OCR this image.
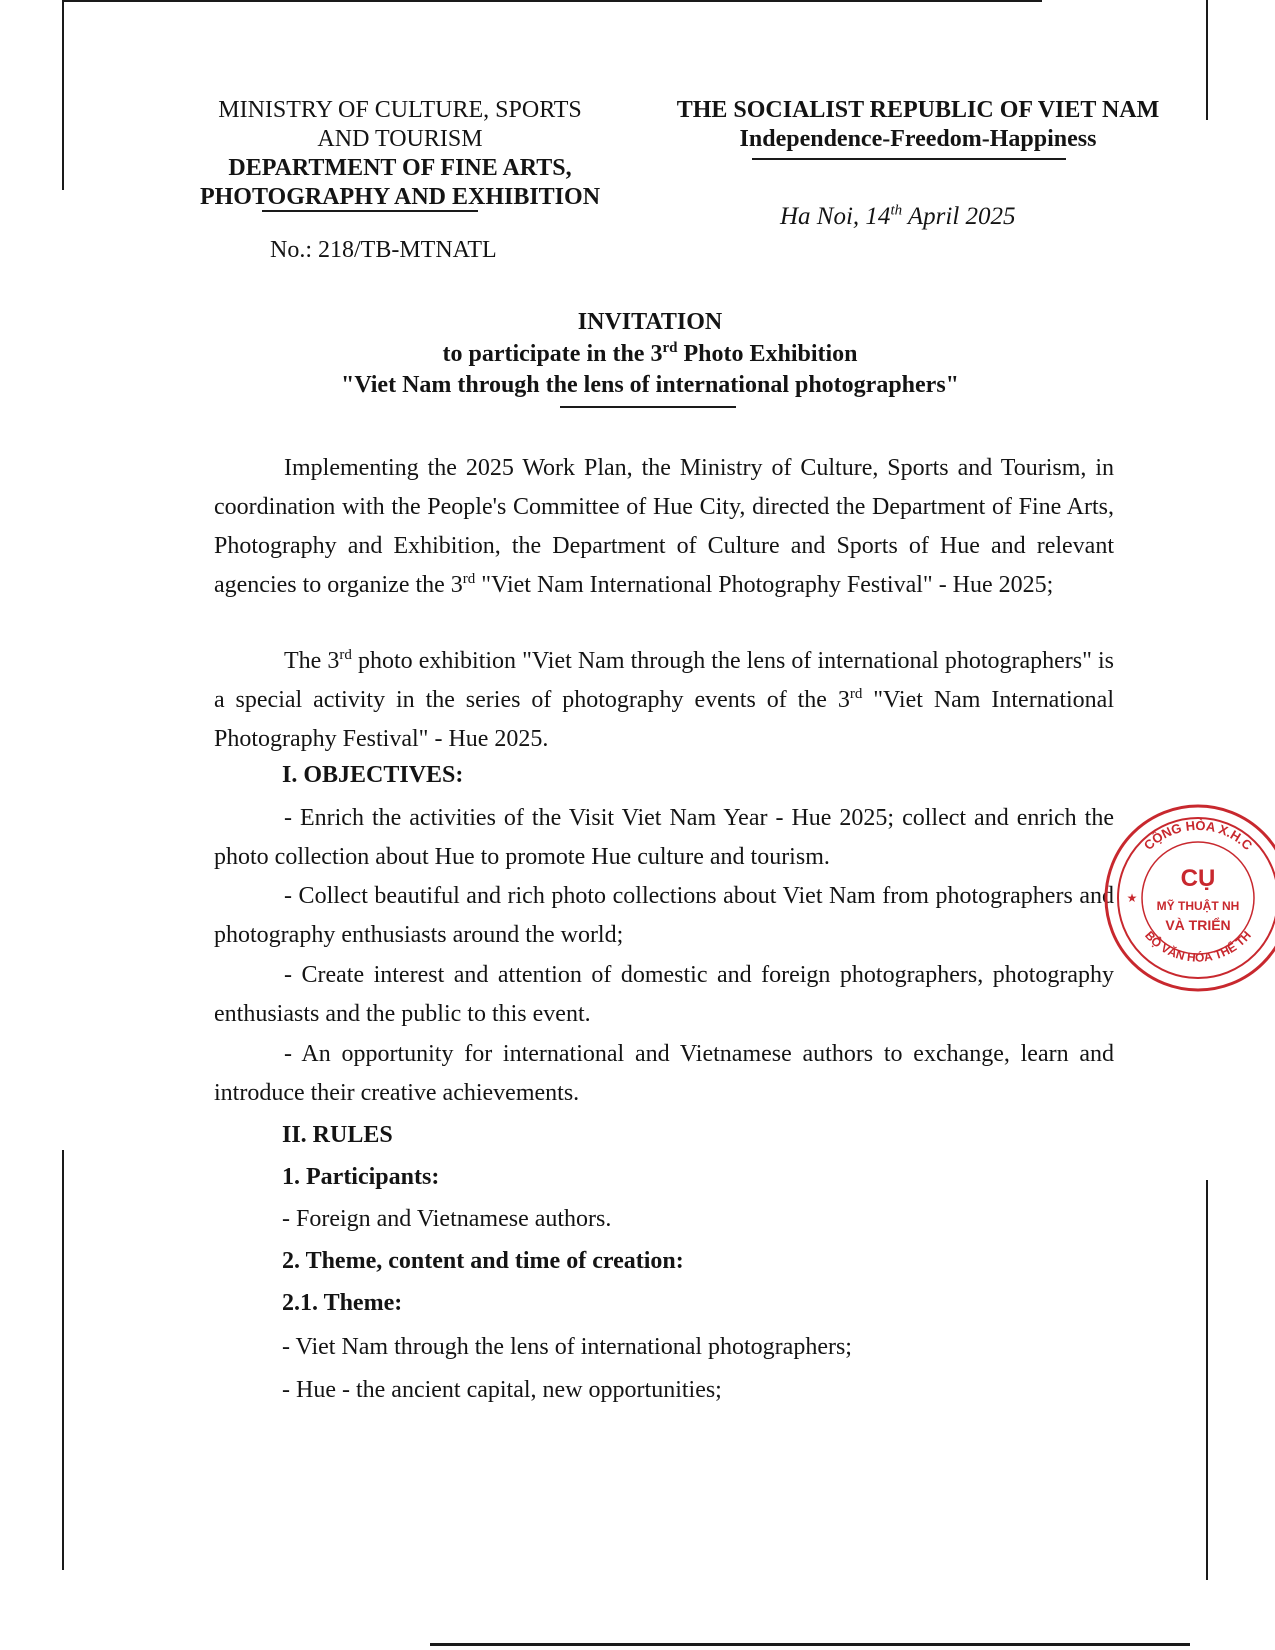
MINISTRY OF CULTURE, SPORTS
AND TOURISM
DEPARTMENT OF FINE ARTS,
PHOTOGRAPHY AND EXHIBITION
THE SOCIALIST REPUBLIC OF VIET NAM
Independence-Freedom-Happiness
Ha Noi, 14th April 2025
No.: 218/TB-MTNATL
INVITATION
to participate in the 3rd Photo Exhibition
"Viet Nam through the lens of international photographers"

Implementing the 2025 Work Plan, the Ministry of Culture, Sports and Tourism, in coordination with the People's Committee of Hue City, directed the Department of Fine Arts, Photography and Exhibition, the Department of Culture and Sports of Hue and relevant agencies to organize the 3rd "Viet Nam International Photography Festival" - Hue 2025;

The 3rd photo exhibition "Viet Nam through the lens of international photographers" is a special activity in the series of photography events of the 3rd "Viet Nam International Photography Festival" - Hue 2025.

I. OBJECTIVES:

- Enrich the activities of the Visit Viet Nam Year - Hue 2025; collect and enrich the photo collection about Hue to promote Hue culture and tourism.

- Collect beautiful and rich photo collections about Viet Nam from photographers and photography enthusiasts around the world;

- Create interest and attention of domestic and foreign photographers, photography enthusiasts and the public to this event.

- An opportunity for international and Vietnamese authors to exchange, learn and introduce their creative achievements.

II. RULES
1. Participants:
- Foreign and Vietnamese authors.
2. Theme, content and time of creation:
2.1. Theme:
- Viet Nam through the lens of international photographers;
- Hue - the ancient capital, new opportunities;
CỘNG HÒA X.H.C
BỘ VĂN HÓA THỂ TH
CỤ
MỸ THUẬT NH
VÀ TRIỂN
★
